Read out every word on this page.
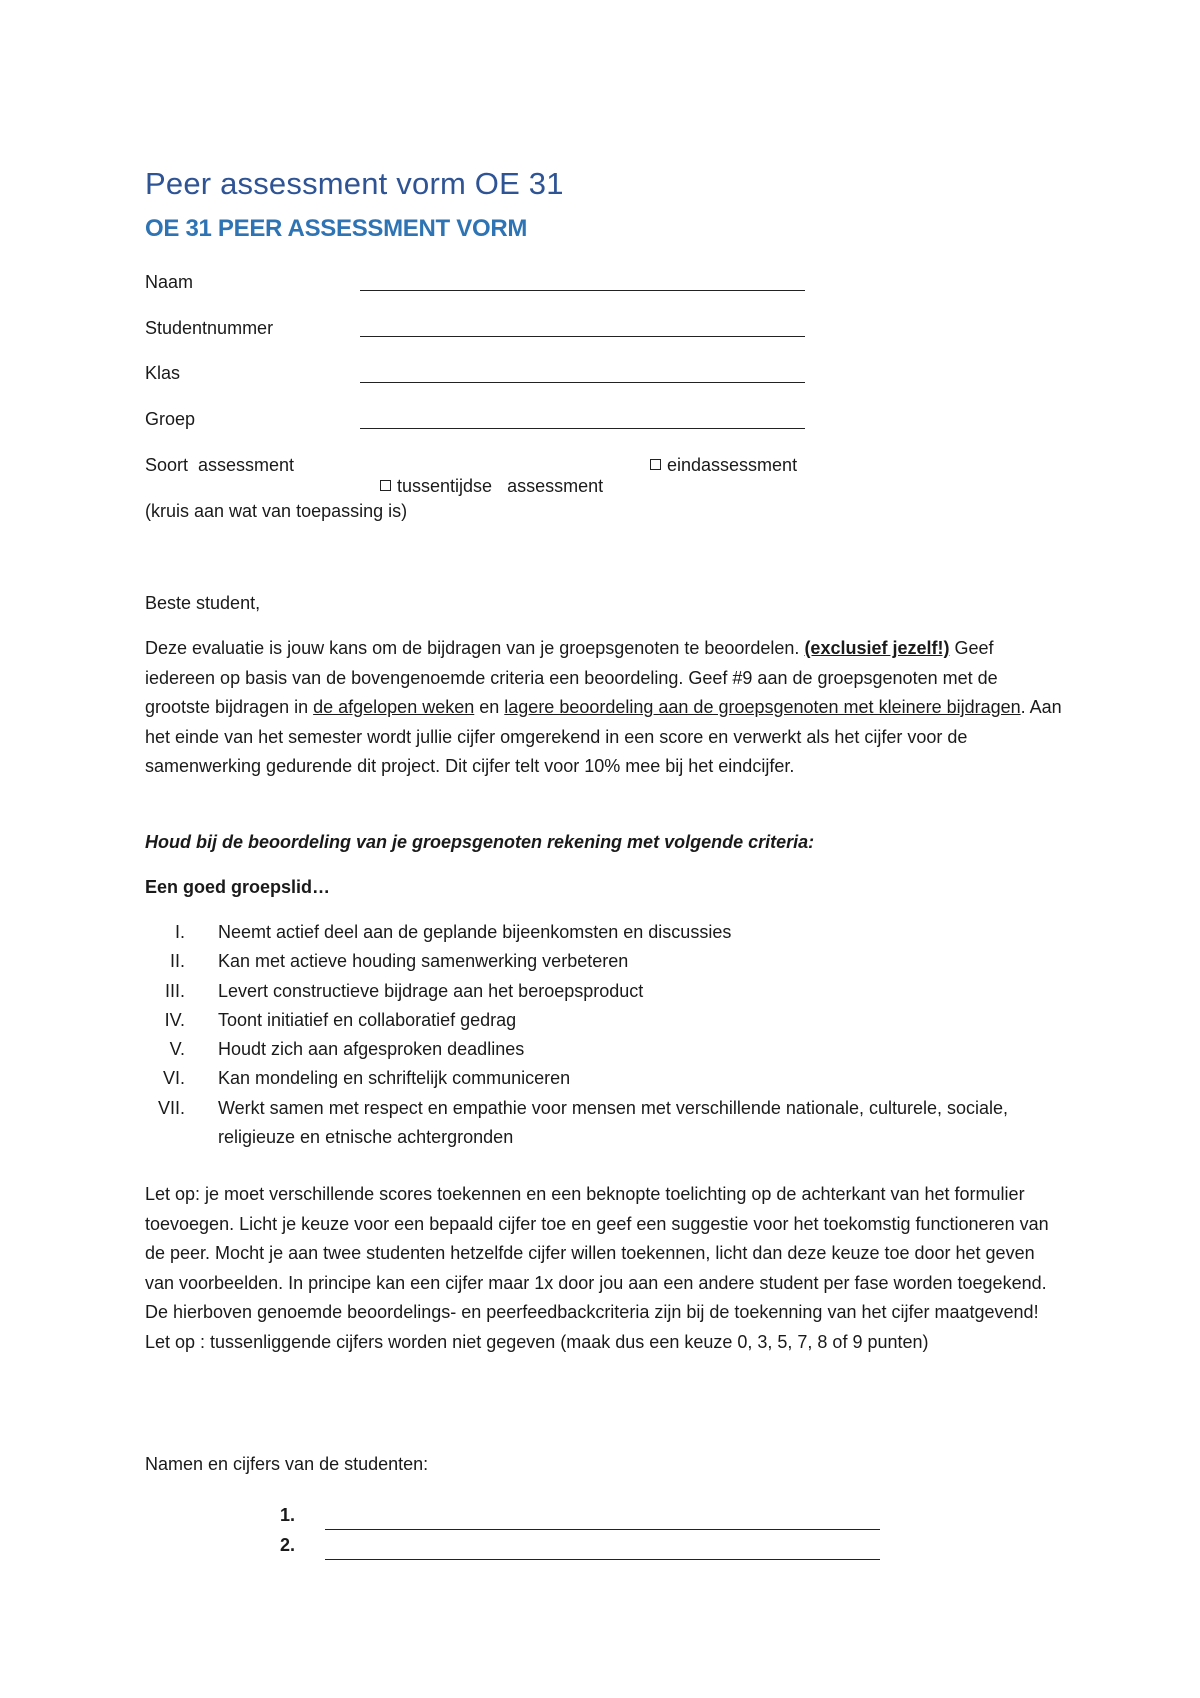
Peer assessment vorm OE 31
OE 31 PEER ASSESSMENT VORM
Naam
Studentnummer
Klas
Groep
Soort  assessment

tussentijdse   assessment

eindassessment
(kruis aan wat van toepassing is)
Beste student,
Deze evaluatie is jouw kans om de bijdragen van je groepsgenoten te beoordelen. (exclusief jezelf!) Geef iedereen op basis van de bovengenoemde criteria een beoordeling. Geef #9 aan de groepsgenoten met de grootste bijdragen in de afgelopen weken en lagere beoordeling aan de groepsgenoten met kleinere bijdragen. Aan het einde van het semester wordt jullie cijfer omgerekend in een score en verwerkt als het cijfer voor de samenwerking gedurende dit project. Dit cijfer telt voor 10% mee bij het eindcijfer.
Houd bij de beoordeling van je groepsgenoten rekening met volgende criteria:
Een goed groepslid…
I. Neemt actief deel aan de geplande bijeenkomsten en discussies
II. Kan met actieve houding samenwerking verbeteren
III. Levert constructieve bijdrage aan het beroepsproduct
IV. Toont initiatief en collaboratief gedrag
V. Houdt zich aan afgesproken deadlines
VI. Kan mondeling en schriftelijk communiceren
VII. Werkt samen met respect en empathie voor mensen met verschillende nationale, culturele, sociale, religieuze en etnische achtergronden
Let op: je moet verschillende scores toekennen en een beknopte toelichting op de achterkant van het formulier toevoegen. Licht je keuze voor een bepaald cijfer toe en geef een suggestie voor het toekomstig functioneren van de peer. Mocht je aan twee studenten hetzelfde cijfer willen toekennen, licht dan deze keuze toe door het geven van voorbeelden. In principe kan een cijfer maar 1x door jou aan een andere student per fase worden toegekend.
De hierboven genoemde beoordelings- en peerfeedbackcriteria zijn bij de toekenning van het cijfer maatgevend!
Let op : tussenliggende cijfers worden niet gegeven (maak dus een keuze 0, 3, 5, 7, 8 of 9 punten)
Namen en cijfers van de studenten:
1.
2.
